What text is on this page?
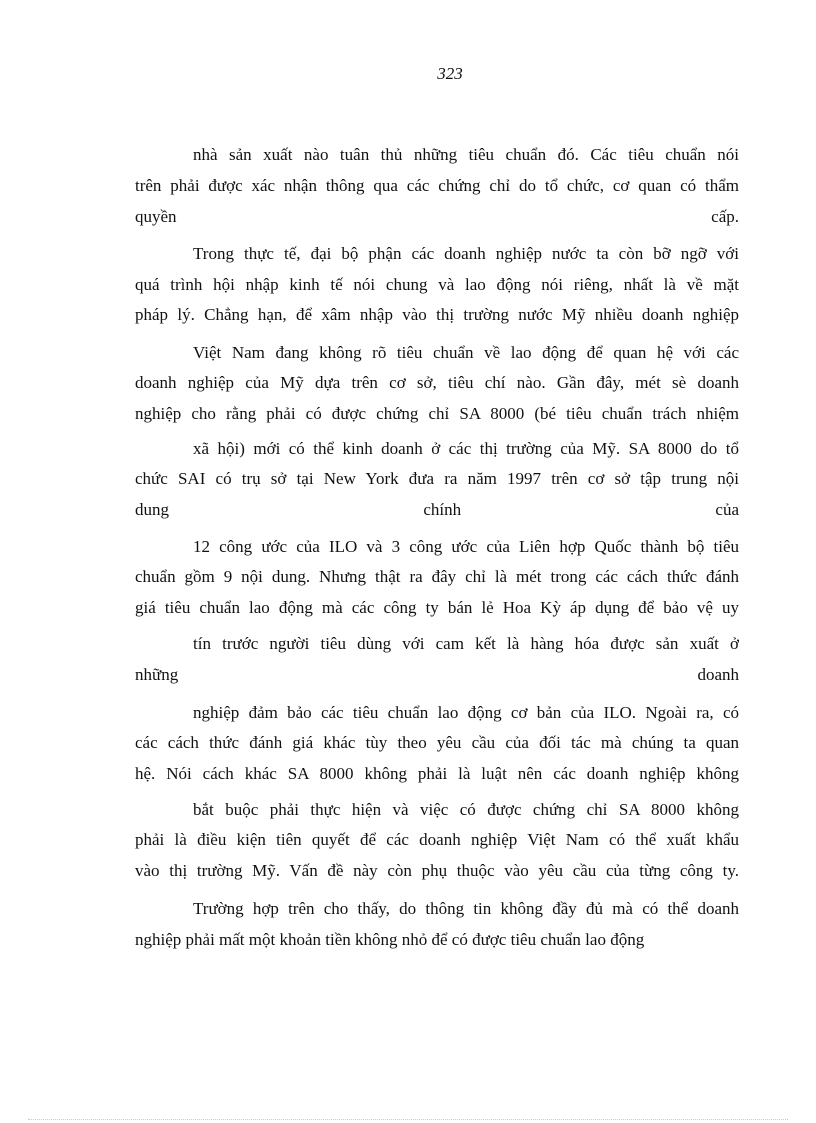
323
nhà sản xuất nào tuân thủ những tiêu chuẩn đó. Các tiêu chuẩn nói
trên phải được xác nhận thông qua các chứng chỉ do tổ chức, cơ quan có thẩm
quyền cấp.
Trong thực tế, đại bộ phận các doanh nghiệp nước ta còn bỡ ngỡ với
quá trình hội nhập kinh tế nói chung và lao động nói riêng, nhất là về mặt
pháp lý. Chẳng hạn, để xâm nhập vào thị trường nước Mỹ nhiều doanh nghiệp
Việt Nam đang không rõ tiêu chuẩn về lao động để quan hệ với các
doanh nghiệp của Mỹ dựa trên cơ sở, tiêu chí nào. Gần đây, mét sè doanh
nghiệp cho rằng phải có được chứng chỉ SA 8000 (bé tiêu chuẩn trách nhiệm
xã hội) mới có thể kinh doanh ở các thị trường của Mỹ. SA 8000 do tổ
chức SAI có trụ sở tại New York đưa ra năm 1997 trên cơ sở tập trung nội
dung chính của
12 công ước của ILO và 3 công ước của Liên hợp Quốc thành bộ tiêu
chuẩn gồm 9 nội dung. Nhưng thật ra đây chỉ là mét trong các cách thức đánh
giá tiêu chuẩn lao động mà các công ty bán lẻ Hoa Kỳ áp dụng để bảo vệ uy
tín trước người tiêu dùng với cam kết là hàng hóa được sản xuất ở
những doanh
nghiệp đảm bảo các tiêu chuẩn lao động cơ bản của ILO. Ngoài ra, có
các cách thức đánh giá khác tùy theo yêu cầu của đối tác mà chúng ta quan
hệ. Nói cách khác SA 8000 không phải là luật nên các doanh nghiệp không
bắt buộc phải thực hiện và việc có được chứng chỉ SA 8000 không
phải là điều kiện tiên quyết để các doanh nghiệp Việt Nam có thể xuất khẩu
vào thị trường Mỹ. Vấn đề này còn phụ thuộc vào yêu cầu của từng công ty.
Trường hợp trên cho thấy, do thông tin không đầy đủ mà có thể doanh
nghiệp phải mất một khoản tiền không nhỏ để có được tiêu chuẩn lao động
